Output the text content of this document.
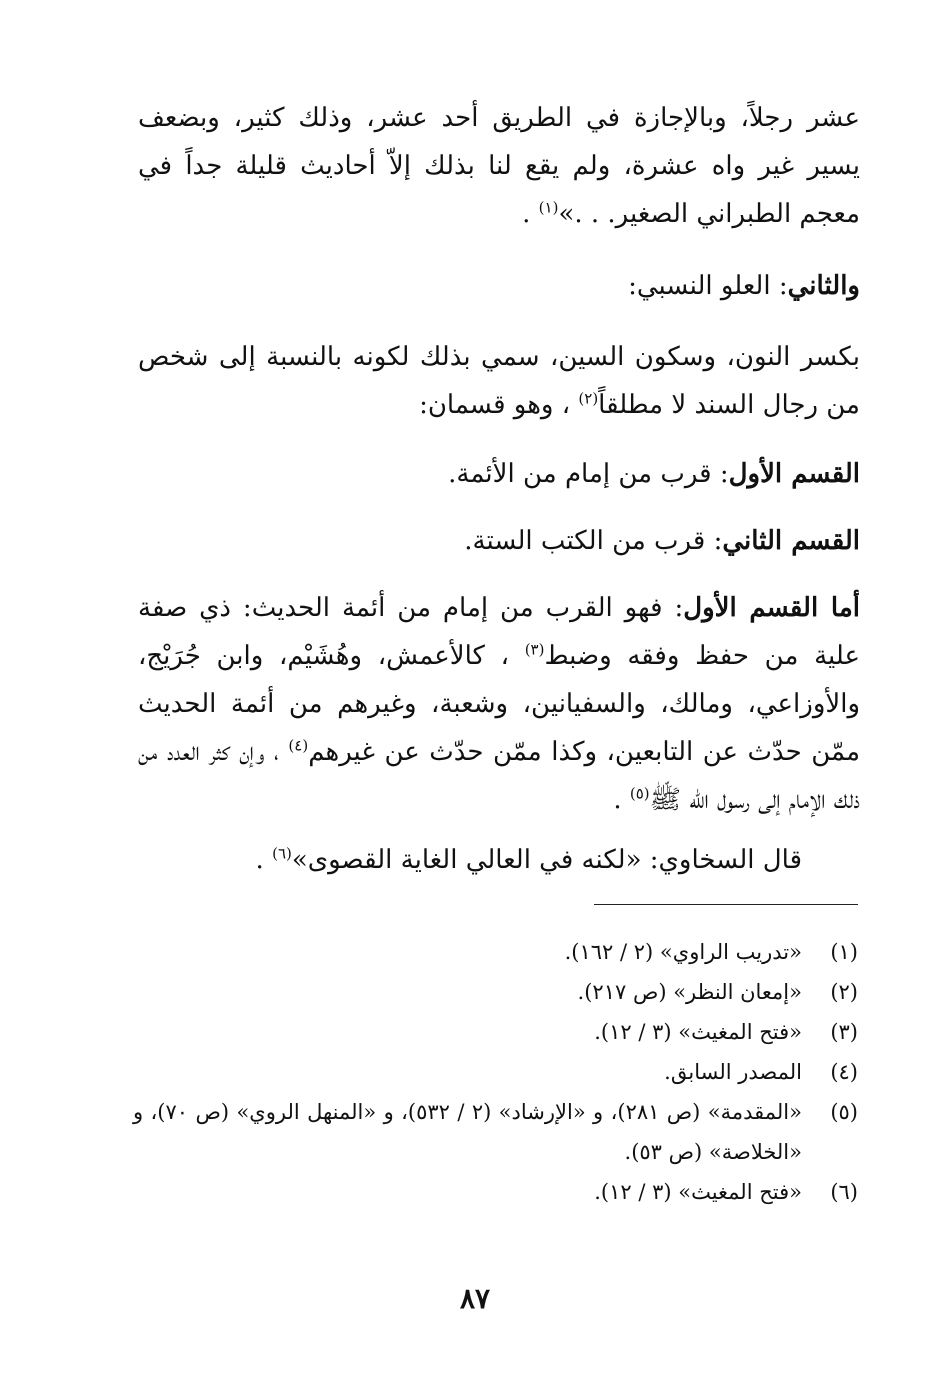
عشر رجلاً، وبالإجازة في الطريق أحد عشر، وذلك كثير، وبضعف يسير غير واه عشرة، ولم يقع لنا بذلك إلاّ أحاديث قليلة جداً في معجم الطبراني الصغير. . .»$^{(١)}$ .
والثاني: العلو النسبي:
بكسر النون، وسكون السين، سمي بذلك لكونه بالنسبة إلى شخص من رجال السند لا مطلقاً$^{(٢)}$ ، وهو قسمان:
القسم الأول: قرب من إمام من الأئمة.
القسم الثاني: قرب من الكتب الستة.
أما القسم الأول: فهو القرب من إمام من أئمة الحديث: ذي صفة علية من حفظ وفقه وضبط$^{(٣)}$ ، كالأعمش، وهُشَيْم، وابن جُرَيْج، والأوزاعي، ومالك، والسفيانين، وشعبة، وغيرهم من أئمة الحديث ممّن حدّث عن التابعين، وكذا ممّن حدّث عن غيرهم$^{(٤)}$ ، وإن كثر العدد من ذلك الإمام إلى رسول الله ﷺ$^{(٥)}$ .
قال السخاوي: «لكنه في العالي الغاية القصوى»$^{(٦)}$ .
(١)
«تدريب الراوي» (٢ / ١٦٢).
(٢)
«إمعان النظر» (ص ٢١٧).
(٣)
«فتح المغيث» (٣ / ١٢).
(٤)
المصدر السابق.
(٥)
«المقدمة» (ص ٢٨١)، و «الإرشاد» (٢ / ٥٣٢)، و «المنهل الروي» (ص ٧٠)، و «الخلاصة» (ص ٥٣).
(٦)
«فتح المغيث» (٣ / ١٢).
٨٧
